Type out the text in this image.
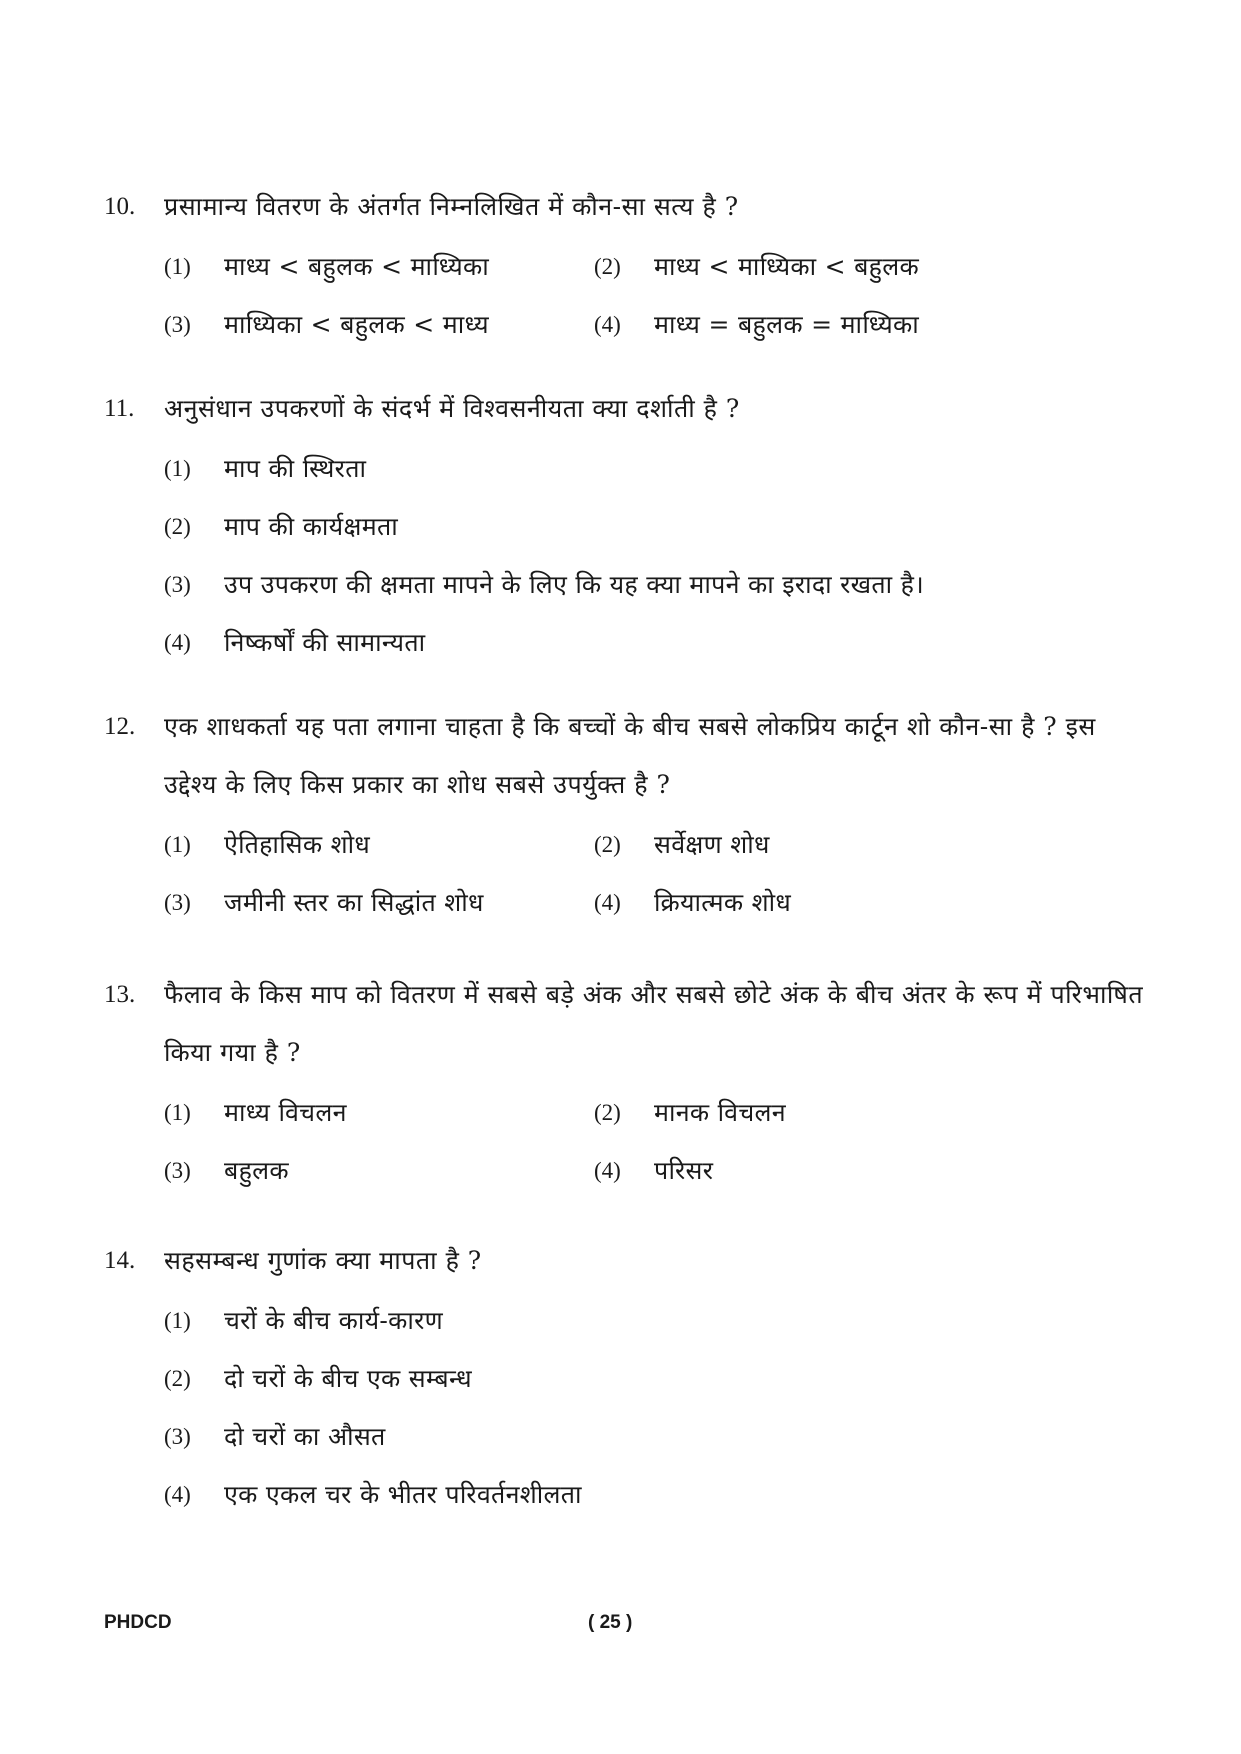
10.	प्रसामान्य वितरण के अंतर्गत निम्नलिखित में कौन-सा सत्य है ?
(1)	माध्य < बहुलक < माध्यिका	(2)	माध्य < माध्यिका < बहुलक
(3)	माध्यिका < बहुलक < माध्य	(4)	माध्य = बहुलक = माध्यिका
11.	अनुसंधान उपकरणों के संदर्भ में विश्वसनीयता क्या दर्शाती है ?
(1)	माप की स्थिरता
(2)	माप की कार्यक्षमता
(3)	उप उपकरण की क्षमता मापने के लिए कि यह क्या मापने का इरादा रखता है।
(4)	निष्कर्षों की सामान्यता
12.	एक शाधकर्ता यह पता लगाना चाहता है कि बच्चों के बीच सबसे लोकप्रिय कार्टून शो कौन-सा है ? इस उद्देश्य के लिए किस प्रकार का शोध सबसे उपर्युक्त है ?
(1)	ऐतिहासिक शोध	(2)	सर्वेक्षण शोध
(3)	जमीनी स्तर का सिद्धांत शोध	(4)	क्रियात्मक शोध
13.	फैलाव के किस माप को वितरण में सबसे बड़े अंक और सबसे छोटे अंक के बीच अंतर के रूप में परिभाषित किया गया है ?
(1)	माध्य विचलन	(2)	मानक विचलन
(3)	बहुलक	(4)	परिसर
14.	सहसम्बन्ध गुणांक क्या मापता है ?
(1)	चरों के बीच कार्य-कारण
(2)	दो चरों के बीच एक सम्बन्ध
(3)	दो चरों का औसत
(4)	एक एकल चर के भीतर परिवर्तनशीलता
PHDCD	( 25 )
